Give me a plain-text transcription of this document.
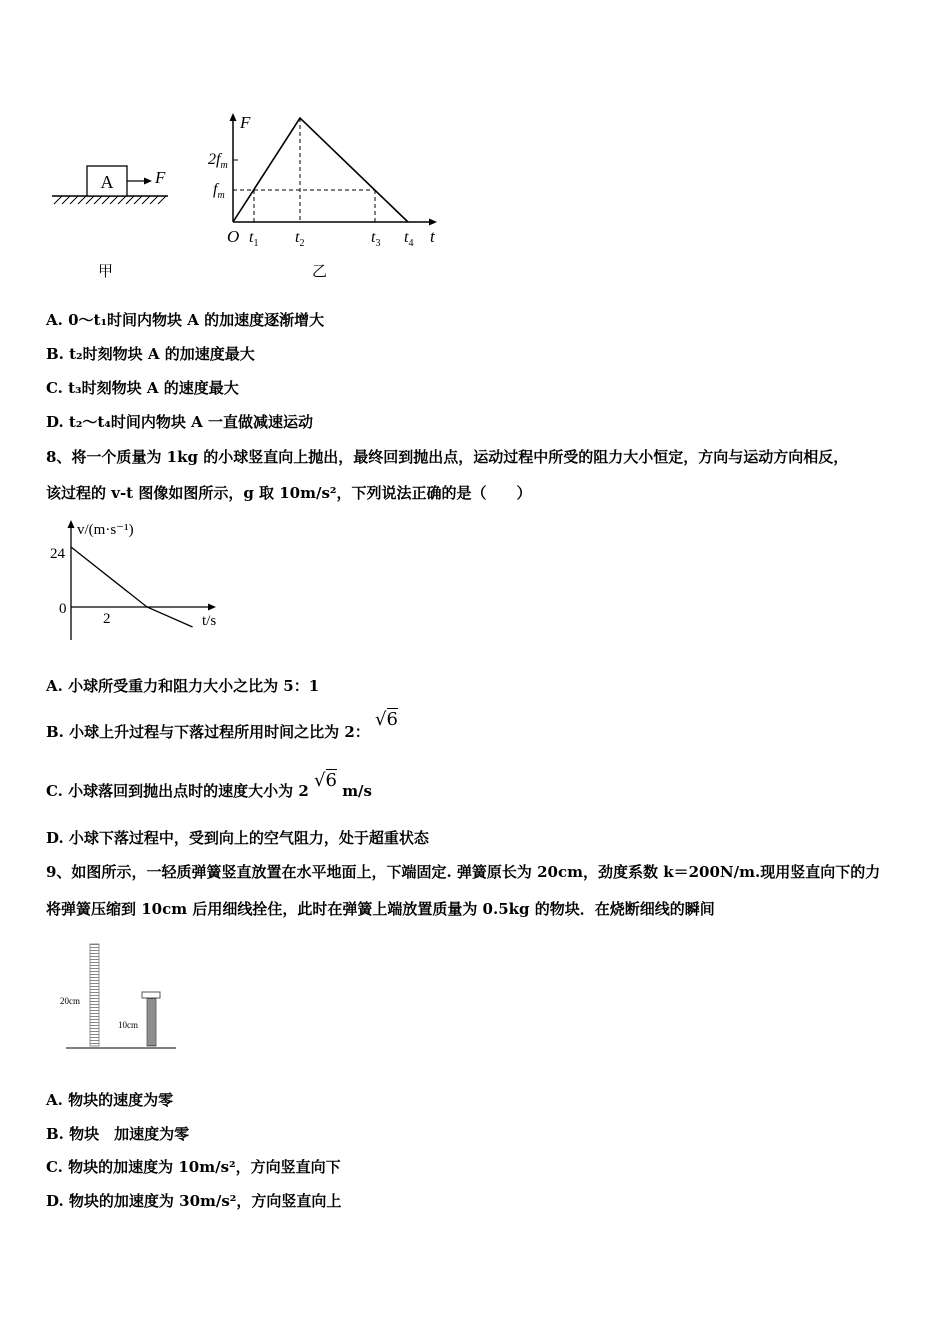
A F
甲
F
t
O
$2f_m$
$f_m$
$t_1$ $t_2$	$t_3$ $t_4$
乙
A. 0～t₁时间内物块 A 的加速度逐渐增大
B. t₂时刻物块 A 的加速度最大
C. t₃时刻物块 A 的速度最大
D. t₂～t₄时间内物块 A 一直做减速运动
8、将一个质量为 1kg 的小球竖直向上抛出，最终回到抛出点，运动过程中所受的阻力大小恒定，方向与运动方向相反，
该过程的 v-t 图像如图所示，g 取 10m/s²，下列说法正确的是（　　）
v/(m·s⁻¹)
t/s
24
0
2
A. 小球所受重力和阻力大小之比为 5：1
B. 小球上升过程与下落过程所用时间之比为 2： √6
C. 小球落回到抛出点时的速度大小为 2 √6 m/s
D. 小球下落过程中，受到向上的空气阻力，处于超重状态
9、如图所示，一轻质弹簧竖直放置在水平地面上，下端固定. 弹簧原长为 20cm，劲度系数 k＝200N/m.现用竖直向下的力
将弹簧压缩到 10cm 后用细线拴住，此时在弹簧上端放置质量为 0.5kg 的物块．在烧断细线的瞬间
20cm
10cm
A. 物块的速度为零
B. 物块　加速度为零
C. 物块的加速度为 10m/s²，方向竖直向下
D. 物块的加速度为 30m/s²，方向竖直向上
